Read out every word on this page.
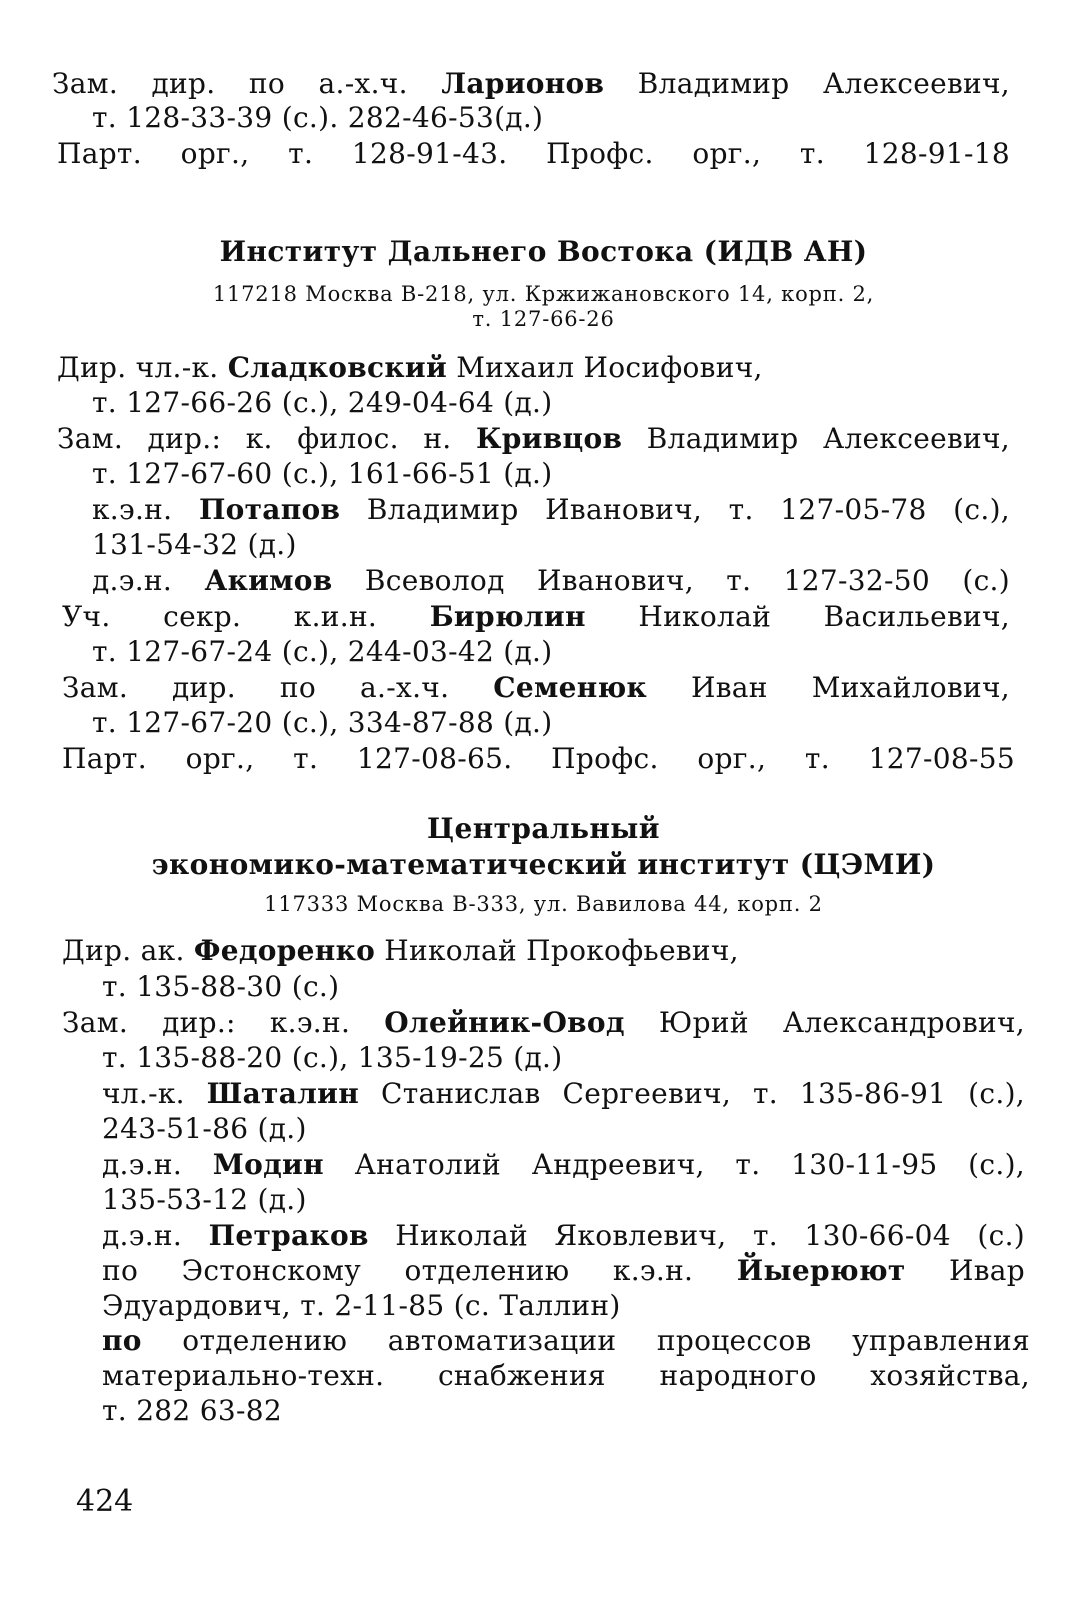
Зам. дир. по а.-х.ч. Ларионов Владимир Алексеевич,
т. 128-33-39 (с.). 282-46-53(д.)
Парт. орг., т. 128-91-43. Профс. орг., т. 128-91-18
Институт Дальнего Востока (ИДВ АН)
117218 Москва В-218, ул. Кржижановского 14, корп. 2,
т. 127-66-26
Дир. чл.-к. Сладковский Михаил Иосифович,
т. 127-66-26 (с.), 249-04-64 (д.)
Зам. дир.: к. филос. н. Кривцов Владимир Алексеевич,
т. 127-67-60 (с.), 161-66-51 (д.)
к.э.н. Потапов Владимир Иванович, т. 127-05-78 (с.),
131-54-32 (д.)
д.э.н. Акимов Всеволод Иванович, т. 127-32-50 (с.)
Уч. секр. к.и.н. Бирюлин Николай Васильевич,
т. 127-67-24 (с.), 244-03-42 (д.)
Зам. дир. по а.-х.ч. Семенюк Иван Михайлович,
т. 127-67-20 (с.), 334-87-88 (д.)
Парт. орг., т. 127-08-65. Профс. орг., т. 127-08-55
Центральный
экономико-математический институт (ЦЭМИ)
117333 Москва В-333, ул. Вавилова 44, корп. 2
Дир. ак. Федоренко Николай Прокофьевич,
т. 135-88-30 (с.)
Зам. дир.: к.э.н. Олейник-Овод Юрий Александрович,
т. 135-88-20 (с.), 135-19-25 (д.)
чл.-к. Шаталин Станислав Сергеевич, т. 135-86-91 (с.),
243-51-86 (д.)
д.э.н. Модин Анатолий Андреевич, т. 130-11-95 (с.),
135-53-12 (д.)
д.э.н. Петраков Николай Яковлевич, т. 130-66-04 (с.)
по Эстонскому отделению к.э.н. Йыерюют Ивар
Эдуардович, т. 2-11-85 (с. Таллин)
по отделению автоматизации процессов управления
материально-техн. снабжения народного хозяйства,
т. 282 63-82
424
